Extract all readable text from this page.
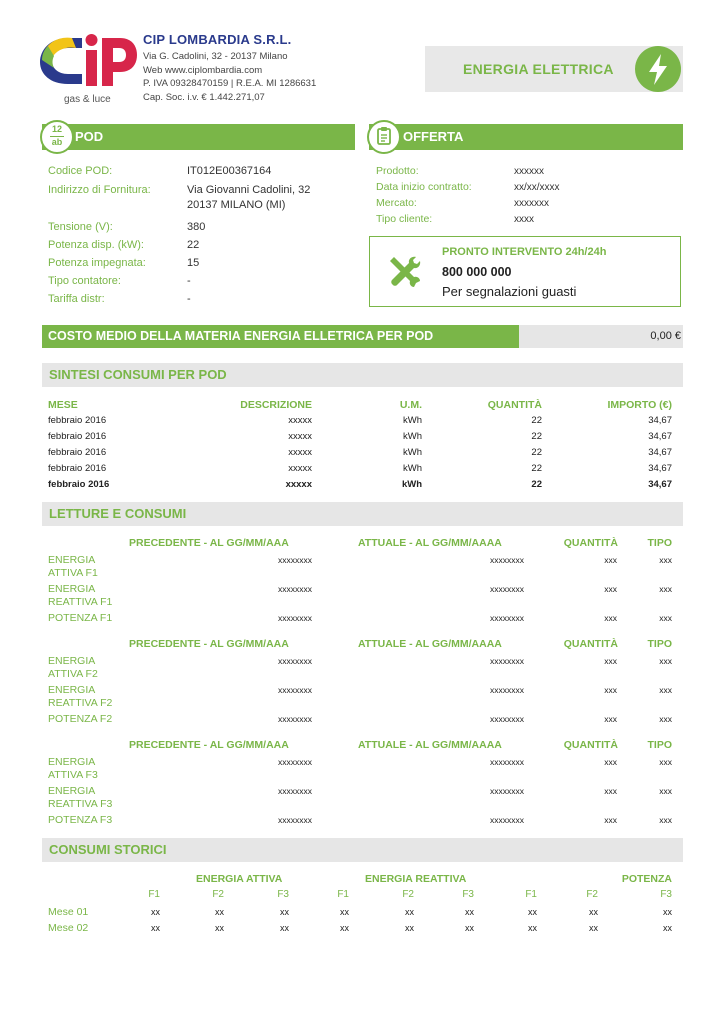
gas & luce
CIP LOMBARDIA S.R.L.
Via G. Cadolini, 32 - 20137 Milano
Web www.ciplombardia.com
P. IVA 09328470159 | R.E.A. MI 1286631
Cap. Soc. i.v. € 1.442.271,07
ENERGIA ELETTRICA
12
ab POD
Codice POD:	IT012E00367164
Indirizzo di Fornitura:	Via Giovanni Cadolini, 32
20137 MILANO (MI)
Tensione (V):	380
Potenza disp. (kW):	22
Potenza impegnata:	15
Tipo contatore:	-
Tariffa distr:	-
OFFERTA
Prodotto:	xxxxxx
Data inizio contratto:	xx/xx/xxxx
Mercato:	xxxxxxx
Tipo cliente:	xxxx
PRONTO INTERVENTO 24h/24h
800 000 000
Per segnalazioni guasti
COSTO MEDIO DELLA MATERIA ENERGIA ELLETRICA PER POD	0,00 €
SINTESI CONSUMI PER POD
MESE	DESCRIZIONE	U.M.	QUANTITÀ	IMPORTO (€)
febbraio 2016	xxxxx	kWh	22	34,67
febbraio 2016	xxxxx	kWh	22	34,67
febbraio 2016	xxxxx	kWh	22	34,67
febbraio 2016	xxxxx	kWh	22	34,67
febbraio 2016	xxxxx	kWh	22	34,67
LETTURE E CONSUMI
PRECEDENTE - AL GG/MM/AAA	ATTUALE - AL GG/MM/AAAA	QUANTITÀ	TIPO
ENERGIA
ATTIVA F1
xxxxxxxx	xxxxxxxx	xxx	xxx
ENERGIA
REATTIVA F1
xxxxxxxx	xxxxxxxx	xxx	xxx
POTENZA F1	xxxxxxxx	xxxxxxxx	xxx	xxx
PRECEDENTE - AL GG/MM/AAA	ATTUALE - AL GG/MM/AAAA	QUANTITÀ	TIPO
ENERGIA
ATTIVA F2
xxxxxxxx	xxxxxxxx	xxx	xxx
ENERGIA
REATTIVA F2
xxxxxxxx	xxxxxxxx	xxx	xxx
POTENZA F2	xxxxxxxx	xxxxxxxx	xxx	xxx
PRECEDENTE - AL GG/MM/AAA	ATTUALE - AL GG/MM/AAAA	QUANTITÀ	TIPO
ENERGIA
ATTIVA F3
xxxxxxxx	xxxxxxxx	xxx	xxx
ENERGIA
REATTIVA F3
xxxxxxxx	xxxxxxxx	xxx	xxx
POTENZA F3	xxxxxxxx	xxxxxxxx	xxx	xxx
CONSUMI STORICI
ENERGIA ATTIVA	ENERGIA REATTIVA	POTENZA
F1	F2	F3	F1	F2	F3	F1	F2	F3
Mese 01	xx	xx	xx	xx	xx	xx	xx	xx	xx
Mese 02	xx	xx	xx	xx	xx	xx	xx	xx	xx
